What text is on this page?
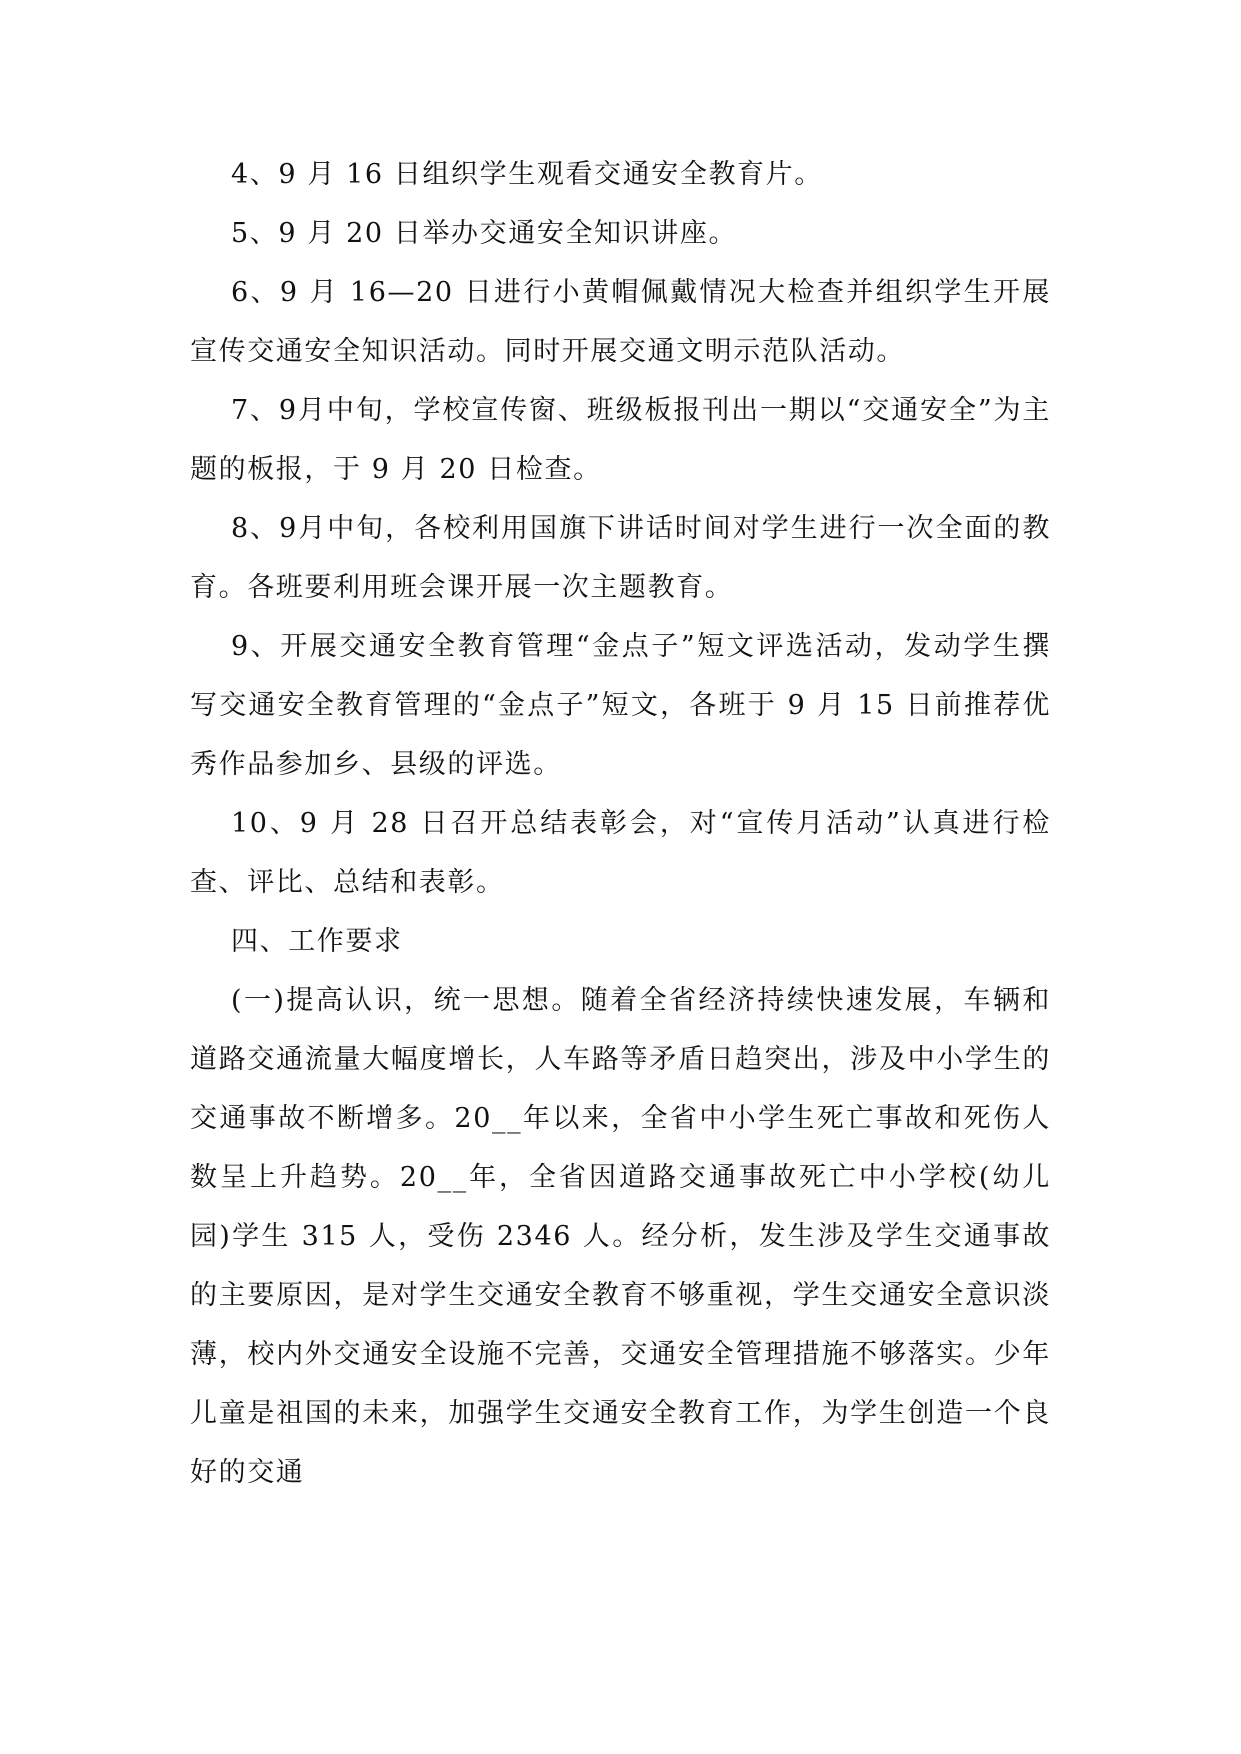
4、9 月 16 日组织学生观看交通安全教育片。

5、9 月 20 日举办交通安全知识讲座。

6、9 月 16—20 日进行小黄帽佩戴情况大检查并组织学生开展宣传交通安全知识活动。同时开展交通文明示范队活动。

7、9月中旬，学校宣传窗、班级板报刊出一期以“交通安全”为主题的板报，于 9 月 20 日检查。

8、9月中旬，各校利用国旗下讲话时间对学生进行一次全面的教育。各班要利用班会课开展一次主题教育。

9、开展交通安全教育管理“金点子”短文评选活动，发动学生撰写交通安全教育管理的“金点子”短文，各班于 9 月 15 日前推荐优秀作品参加乡、县级的评选。

10、9 月 28 日召开总结表彰会，对“宣传月活动”认真进行检查、评比、总结和表彰。

四、工作要求

(一)提高认识，统一思想。随着全省经济持续快速发展，车辆和道路交通流量大幅度增长，人车路等矛盾日趋突出，涉及中小学生的交通事故不断增多。20__年以来，全省中小学生死亡事故和死伤人数呈上升趋势。20__年，全省因道路交通事故死亡中小学校(幼儿园)学生 315 人，受伤 2346 人。经分析，发生涉及学生交通事故的主要原因，是对学生交通安全教育不够重视，学生交通安全意识淡薄，校内外交通安全设施不完善，交通安全管理措施不够落实。少年儿童是祖国的未来，加强学生交通安全教育工作，为学生创造一个良好的交通
